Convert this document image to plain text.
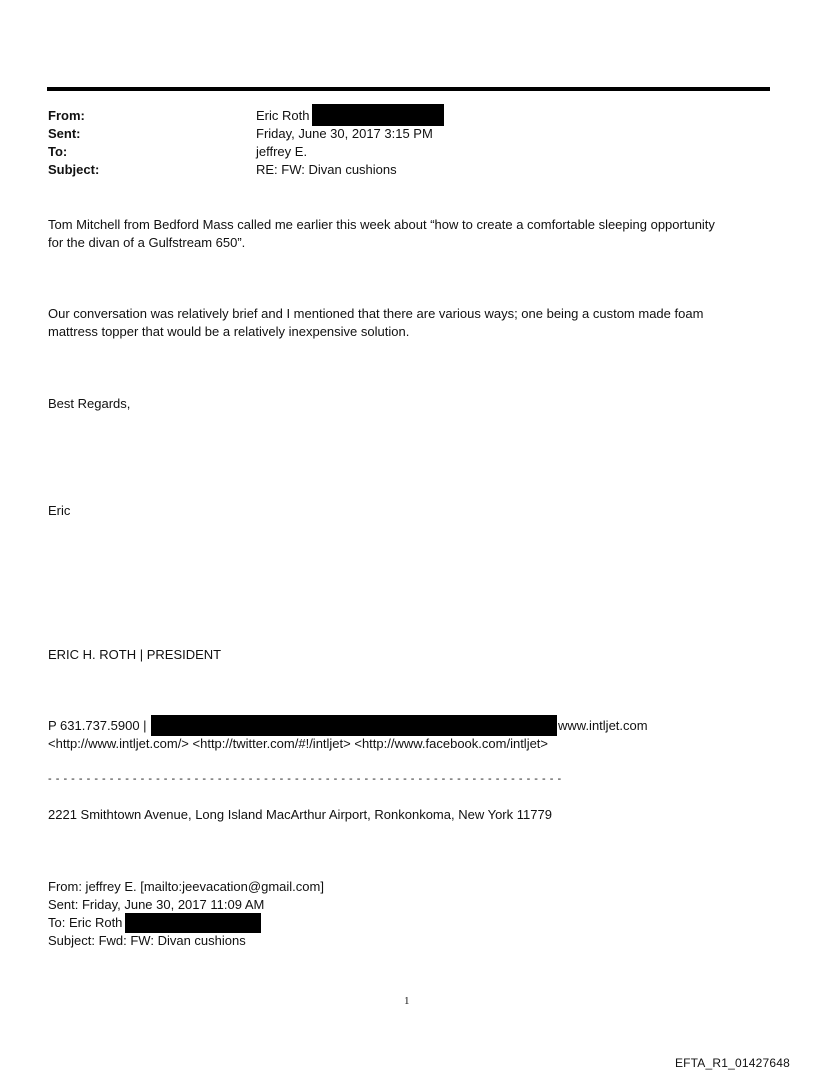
From:	Eric Roth
Sent:	Friday, June 30, 2017 3:15 PM
To:	jeffrey E.
Subject:	RE: FW: Divan cushions
Tom Mitchell from Bedford Mass called me earlier this week about “how to create a comfortable sleeping opportunity
for the divan of a Gulfstream 650”.
Our conversation was relatively brief and I mentioned that there are various ways; one being a custom made foam
mattress topper that would be a relatively inexpensive solution.
Best Regards,
Eric
ERIC H. ROTH | PRESIDENT
P 631.737.5900 |	www.intljet.com
<http://www.intljet.com/> <http://twitter.com/#!/intljet> <http://www.facebook.com/intljet>
- - - - - - - - - - - - - - - - - - - - - - - - - - - - - - - - - - - - - - - - - - - - - - - - - - - - - - - - - - - - - - - - - - -
2221 Smithtown Avenue, Long Island MacArthur Airport, Ronkonkoma, New York 11779
From: jeffrey E. [mailto:jeevacation@gmail.com]
Sent: Friday, June 30, 2017 11:09 AM
To: Eric Roth
Subject: Fwd: FW: Divan cushions
1
EFTA_R1_01427648
